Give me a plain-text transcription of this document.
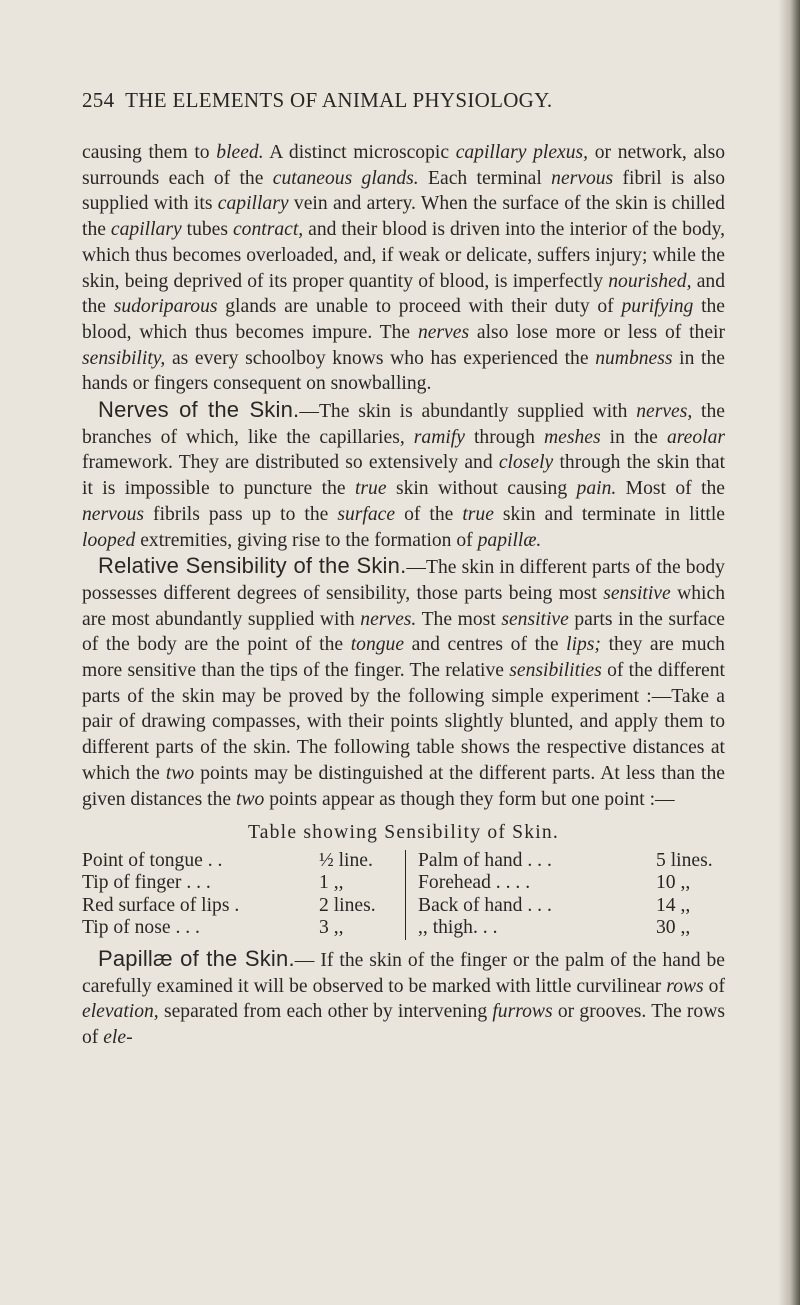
254 THE ELEMENTS OF ANIMAL PHYSIOLOGY.

causing them to bleed. A distinct microscopic capillary plexus, or network, also surrounds each of the cutaneous glands. Each terminal nervous fibril is also supplied with its capillary vein and artery. When the surface of the skin is chilled the capillary tubes contract, and their blood is driven into the interior of the body, which thus becomes overloaded, and, if weak or delicate, suffers injury; while the skin, being deprived of its proper quantity of blood, is imperfectly nourished, and the sudoriparous glands are unable to proceed with their duty of purifying the blood, which thus becomes impure. The nerves also lose more or less of their sensibility, as every schoolboy knows who has experienced the numbness in the hands or fingers consequent on snowballing.

Nerves of the Skin.—The skin is abundantly supplied with nerves, the branches of which, like the capillaries, ramify through meshes in the areolar framework. They are distributed so extensively and closely through the skin that it is impossible to puncture the true skin without causing pain. Most of the nervous fibrils pass up to the surface of the true skin and terminate in little looped extremities, giving rise to the formation of papillæ.

Relative Sensibility of the Skin.—The skin in different parts of the body possesses different degrees of sensibility, those parts being most sensitive which are most abundantly supplied with nerves. The most sensitive parts in the surface of the body are the point of the tongue and centres of the lips; they are much more sensitive than the tips of the finger. The relative sensibilities of the different parts of the skin may be proved by the following simple experiment :—Take a pair of drawing compasses, with their points slightly blunted, and apply them to different parts of the skin. The following table shows the respective distances at which the two points may be distinguished at the different parts. At less than the given distances the two points appear as though they form but one point :—

Table showing Sensibility of Skin.
Point of tongue . .	½ line.
Tip of finger . . .	1 ,,
Red surface of lips .	2 lines.
Tip of nose . . .	3 ,,
Palm of hand . . .	5 lines.
Forehead . . . .	10 ,,
Back of hand . . .	14 ,,
,, thigh. . .	30 ,,

Papillæ of the Skin.— If the skin of the finger or the palm of the hand be carefully examined it will be observed to be marked with little curvilinear rows of elevation, separated from each other by intervening furrows or grooves. The rows of ele-
